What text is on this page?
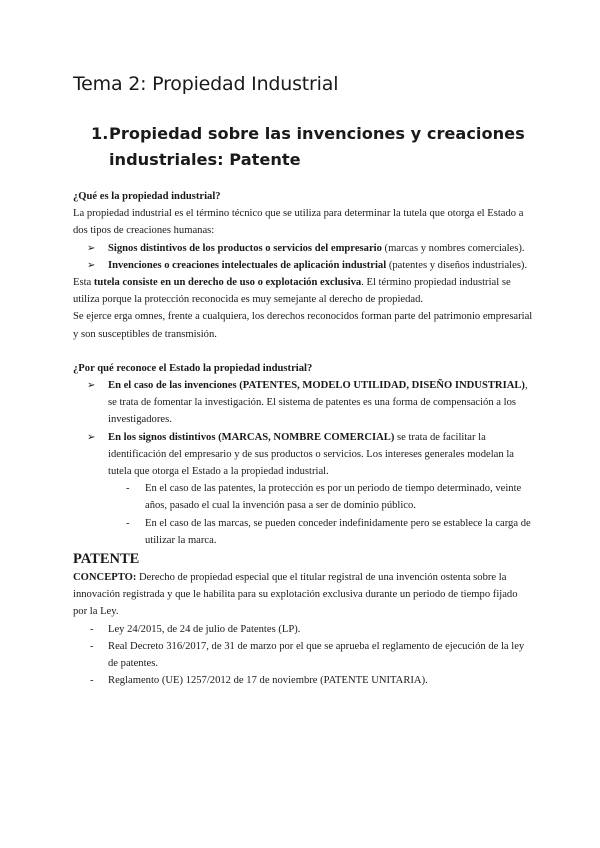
Tema 2: Propiedad Industrial
1. Propiedad sobre las invenciones y creaciones industriales: Patente

¿Qué es la propiedad industrial?

La propiedad industrial es el término técnico que se utiliza para determinar la tutela que otorga el Estado a dos tipos de creaciones humanas:

➢ Signos distintivos de los productos o servicios del empresario (marcas y nombres comerciales).
➢ Invenciones o creaciones intelectuales de aplicación industrial (patentes y diseños industriales).

Esta tutela consiste en un derecho de uso o explotación exclusiva. El término propiedad industrial se utiliza porque la protección reconocida es muy semejante al derecho de propiedad.

Se ejerce erga omnes, frente a cualquiera, los derechos reconocidos forman parte del patrimonio empresarial y son susceptibles de transmisión.

¿Por qué reconoce el Estado la propiedad industrial?

➢ En el caso de las invenciones (PATENTES, MODELO UTILIDAD, DISEÑO INDUSTRIAL), se trata de fomentar la investigación. El sistema de patentes es una forma de compensación a los investigadores.
➢ En los signos distintivos (MARCAS, NOMBRE COMERCIAL) se trata de facilitar la identificación del empresario y de sus productos o servicios. Los intereses generales modelan la tutela que otorga el Estado a la propiedad industrial.
- En el caso de las patentes, la protección es por un periodo de tiempo determinado, veinte años, pasado el cual la invención pasa a ser de dominio público.
- En el caso de las marcas, se pueden conceder indefinidamente pero se establece la carga de utilizar la marca.

PATENTE

CONCEPTO: Derecho de propiedad especial que el titular registral de una invención ostenta sobre la innovación registrada y que le habilita para su explotación exclusiva durante un periodo de tiempo fijado por la Ley.

- Ley 24/2015, de 24 de julio de Patentes (LP).
- Real Decreto 316/2017, de 31 de marzo por el que se aprueba el reglamento de ejecución de la ley de patentes.
- Reglamento (UE) 1257/2012 de 17 de noviembre (PATENTE UNITARIA).
